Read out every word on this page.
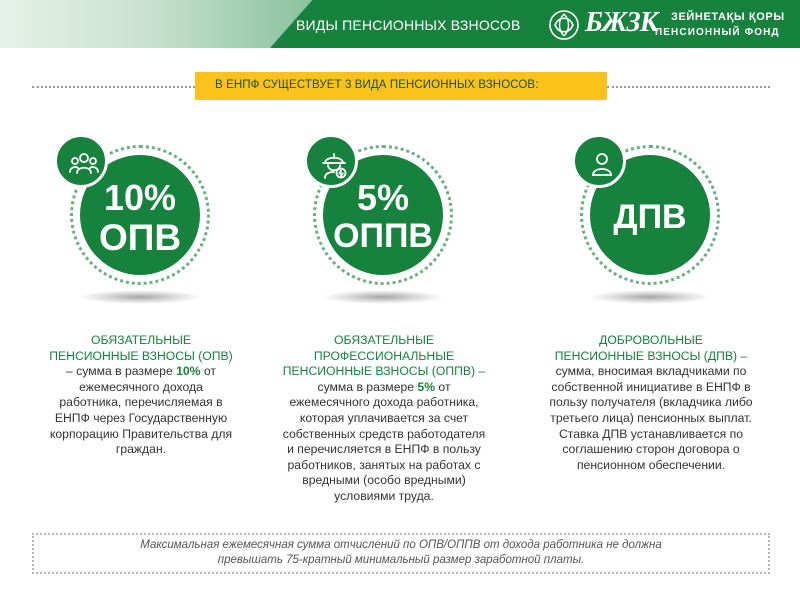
ВИДЫ ПЕНСИОННЫХ ВЗНОСОВ БЖЗК ЗЕЙНЕТАҚЫ ҚОРЫ
ПЕНСИОННЫЙ ФОНД
В ЕНПФ СУЩЕСТВУЕТ 3 ВИДА ПЕНСИОННЫХ ВЗНОСОВ:
10%
ОПВ
5%
ОППВ	ДПВ
ОБЯЗАТЕЛЬНЫЕ
ПЕНСИОННЫЕ ВЗНОСЫ (ОПВ)
– сумма в размере 10% от
ежемесячного дохода
работника, перечисляемая в
ЕНПФ через Государственную
корпорацию Правительства для
граждан.
ОБЯЗАТЕЛЬНЫЕ
ПРОФЕССИОНАЛЬНЫЕ
ПЕНСИОННЫЕ ВЗНОСЫ (ОППВ) –
сумма в размере 5% от
ежемесячного дохода работника,
которая уплачивается за счет
собственных средств работодателя
и перечисляется в ЕНПФ в пользу
работников, занятых на работах с
вредными (особо вредными)
условиями труда.
ДОБРОВОЛЬНЫЕ
ПЕНСИОННЫЕ ВЗНОСЫ (ДПВ) –
сумма, вносимая вкладчиками по
собственной инициативе в ЕНПФ в
пользу получателя (вкладчика либо
третьего лица) пенсионных выплат.
Ставка ДПВ устанавливается по
соглашению сторон договора о
пенсионном обеспечении.
Максимальная ежемесячная сумма отчислений по ОПВ/ОППВ от дохода работника не должна
превышать 75-кратный минимальный размер заработной платы.
